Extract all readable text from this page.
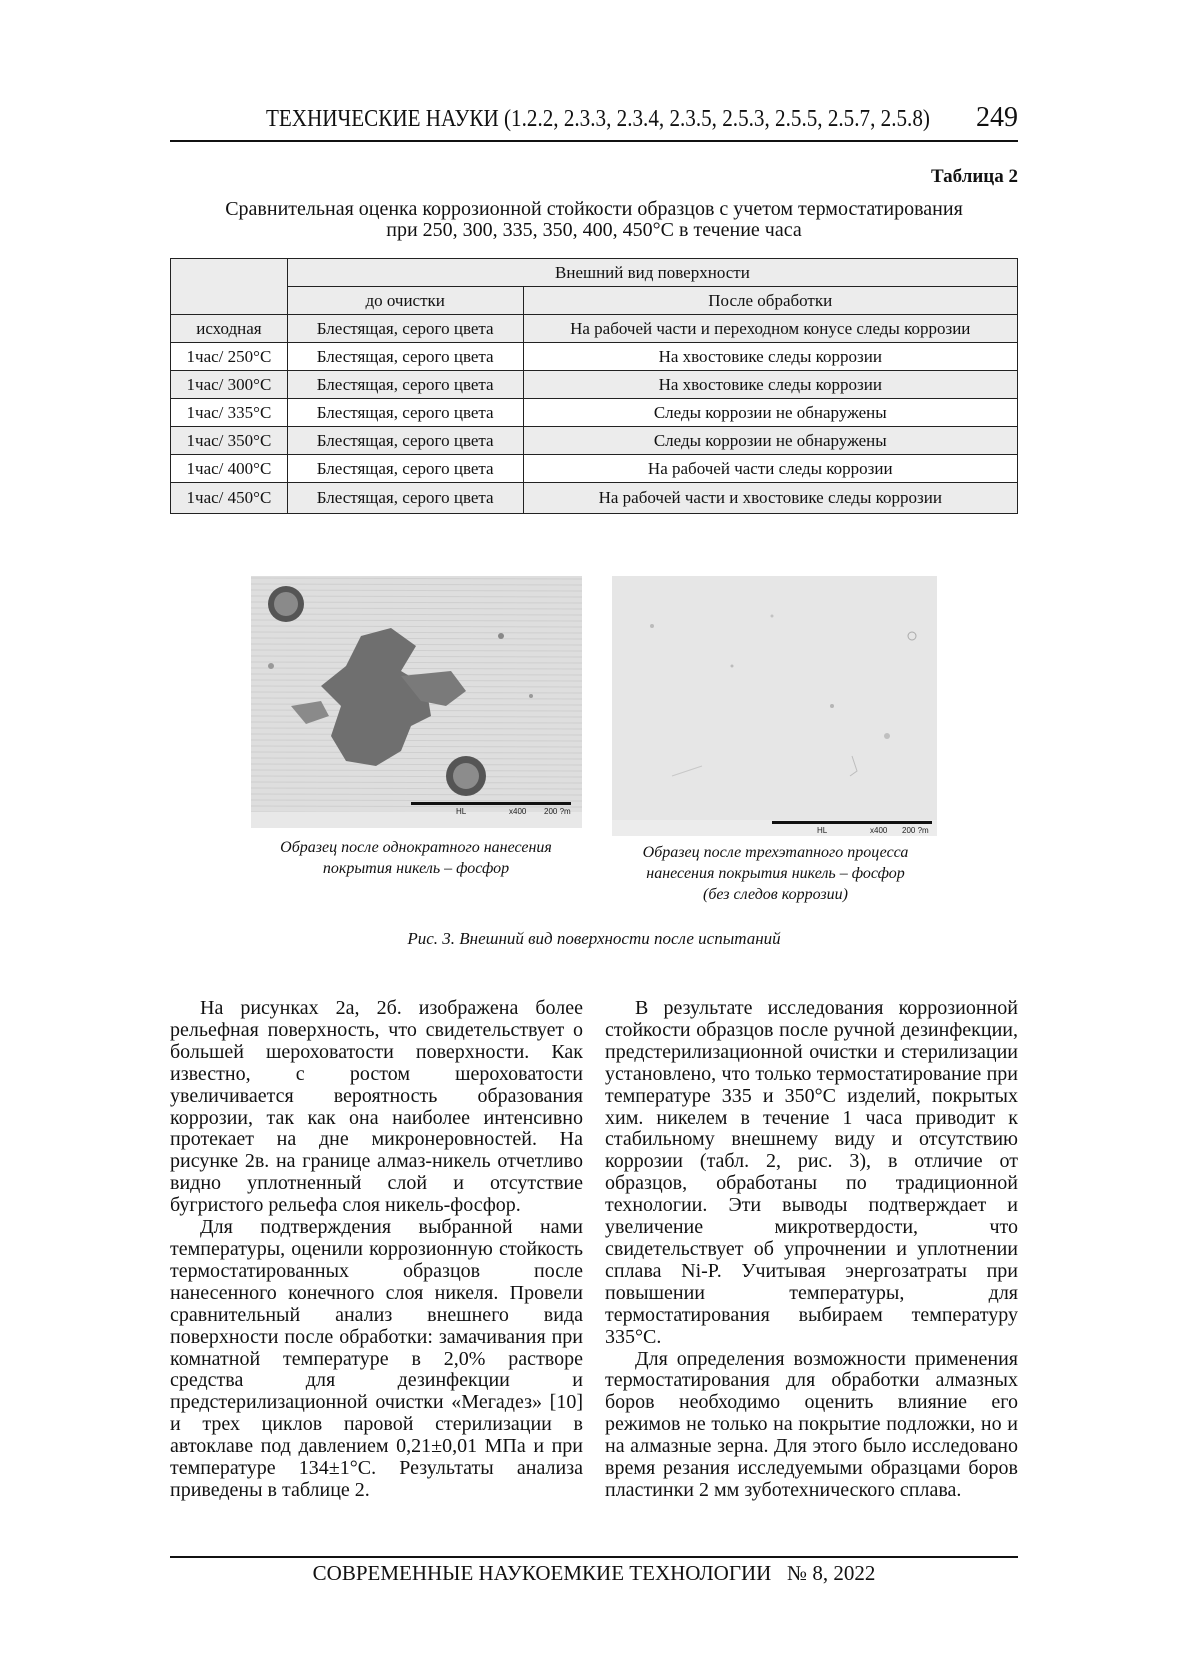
ТЕХНИЧЕСКИЕ НАУКИ (1.2.2, 2.3.3, 2.3.4, 2.3.5, 2.5.3, 2.5.5, 2.5.7, 2.5.8) 249
Таблица 2
Сравнительная оценка коррозионной стойкости образцов с учетом термостатирования
при 250, 300, 335, 350, 400, 450°С в течение часа
	Внешний вид поверхности	
	до очистки	После обработки
исходная	Блестящая, серого цвета	На рабочей части и переходном конусе следы коррозии
1час/ 250°С	Блестящая, серого цвета	На хвостовике следы коррозии
1час/ 300°С	Блестящая, серого цвета	На хвостовике следы коррозии
1час/ 335°С	Блестящая, серого цвета	Следы коррозии не обнаружены
1час/ 350°С	Блестящая, серого цвета	Следы коррозии не обнаружены
1час/ 400°С	Блестящая, серого цвета	На рабочей части следы коррозии
1час/ 450°С	Блестящая, серого цвета	На рабочей части и хвостовике следы коррозии
HL	x400 200 ?m
Образец после однократного нанесения
покрытия никель – фосфор
HL	x400 200 ?m
Образец после трехэтапного процесса
нанесения покрытия никель – фосфор
(без следов коррозии)
Рис. 3. Внешний вид поверхности после испытаний

На рисунках 2а, 2б. изображена более рельефная поверхность, что свидетельствует о большей шероховатости поверхности. Как известно, с ростом шероховатости увеличивается вероятность образования коррозии, так как она наиболее интенсивно протекает на дне микронеровностей. На рисунке 2в. на границе алмаз-никель отчетливо видно уплотненный слой и отсутствие бугристого рельефа слоя никель-фосфор.

Для подтверждения выбранной нами температуры, оценили коррозионную стойкость термостатированных образцов после нанесенного конечного слоя никеля. Провели сравнительный анализ внешнего вида поверхности после обработки: замачивания при комнатной температуре в 2,0% растворе средства для дезинфекции и предстерилизационной очистки «Мегадез» [10] и трех циклов паровой стерилизации в автоклаве под давлением 0,21±0,01 МПа и при температуре 134±1°С. Результаты анализа приведены в таблице 2.

В результате исследования коррозионной стойкости образцов после ручной дезинфекции, предстерилизационной очистки и стерилизации установлено, что только термостатирование при температуре 335 и 350°С изделий, покрытых хим. никелем в течение 1 часа приводит к стабильному внешнему виду и отсутствию коррозии (табл. 2, рис. 3), в отличие от образцов, обработаны по традиционной технологии. Эти выводы подтверждает и увеличение микротвердости, что свидетельствует об упрочнении и уплотнении сплава Ni-P. Учитывая энергозатраты при повышении температуры, для термостатирования выбираем температуру 335°С.

Для определения возможности применения термостатирования для обработки алмазных боров необходимо оценить влияние его режимов не только на покрытие подложки, но и на алмазные зерна. Для этого было исследовано время резания исследуемыми образцами боров пластинки 2 мм зуботехнического сплава.

СОВРЕМЕННЫЕ НАУКОЕМКИЕ ТЕХНОЛОГИИ № 8, 2022
